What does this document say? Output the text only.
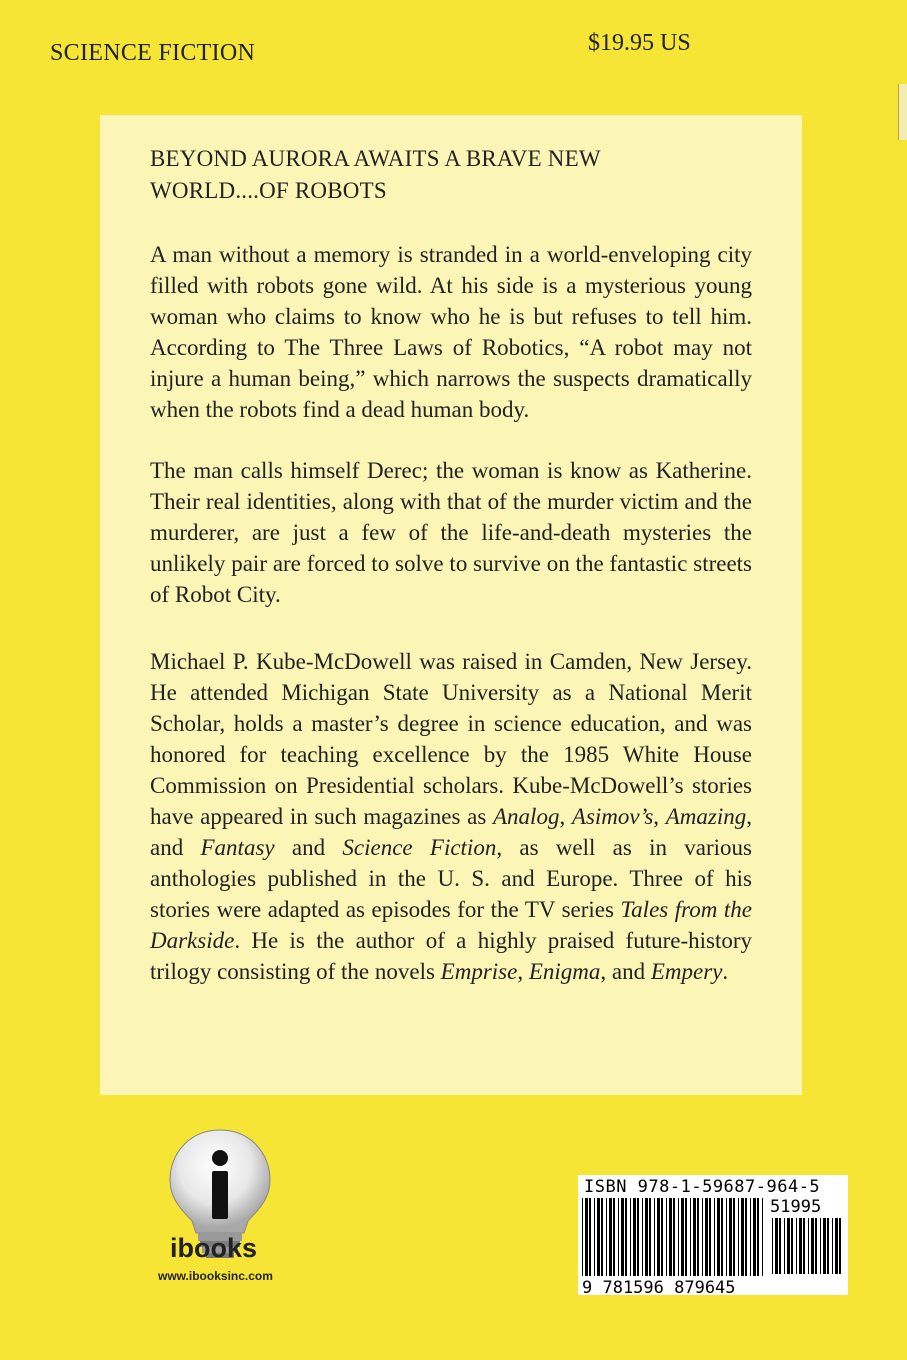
SCIENCE FICTION	$19.95 US
BEYOND AURORA AWAITS A BRAVE NEW
WORLD....OF ROBOTS

A man without a memory is stranded in a world-enveloping city filled with robots gone wild. At his side is a mysterious young woman who claims to know who he is but refuses to tell him. According to The Three Laws of Robotics, “A robot may not injure a human being,” which narrows the suspects dramatically when the robots find a dead human body.

The man calls himself Derec; the woman is know as Katherine. Their real identities, along with that of the murder victim and the murderer, are just a few of the life-and-death mysteries the unlikely pair are forced to solve to survive on the fantastic streets of Robot City.

Michael P. Kube-McDowell was raised in Camden, New Jersey. He attended Michigan State University as a National Merit Scholar, holds a master’s degree in science education, and was honored for teaching excellence by the 1985 White House Commission on Presidential scholars. Kube-McDowell’s stories have appeared in such magazines as Analog, Asimov’s, Amazing, and Fantasy and Science Fiction, as well as in various anthologies published in the U. S. and Europe. Three of his stories were adapted as episodes for the TV series Tales from the Darkside. He is the author of a highly praised future-history trilogy consisting of the novels Emprise, Enigma, and Empery.

ibooks
www.ibooksinc.com
ISBN 978-1-59687-964-5
51995
9 781596 879645
